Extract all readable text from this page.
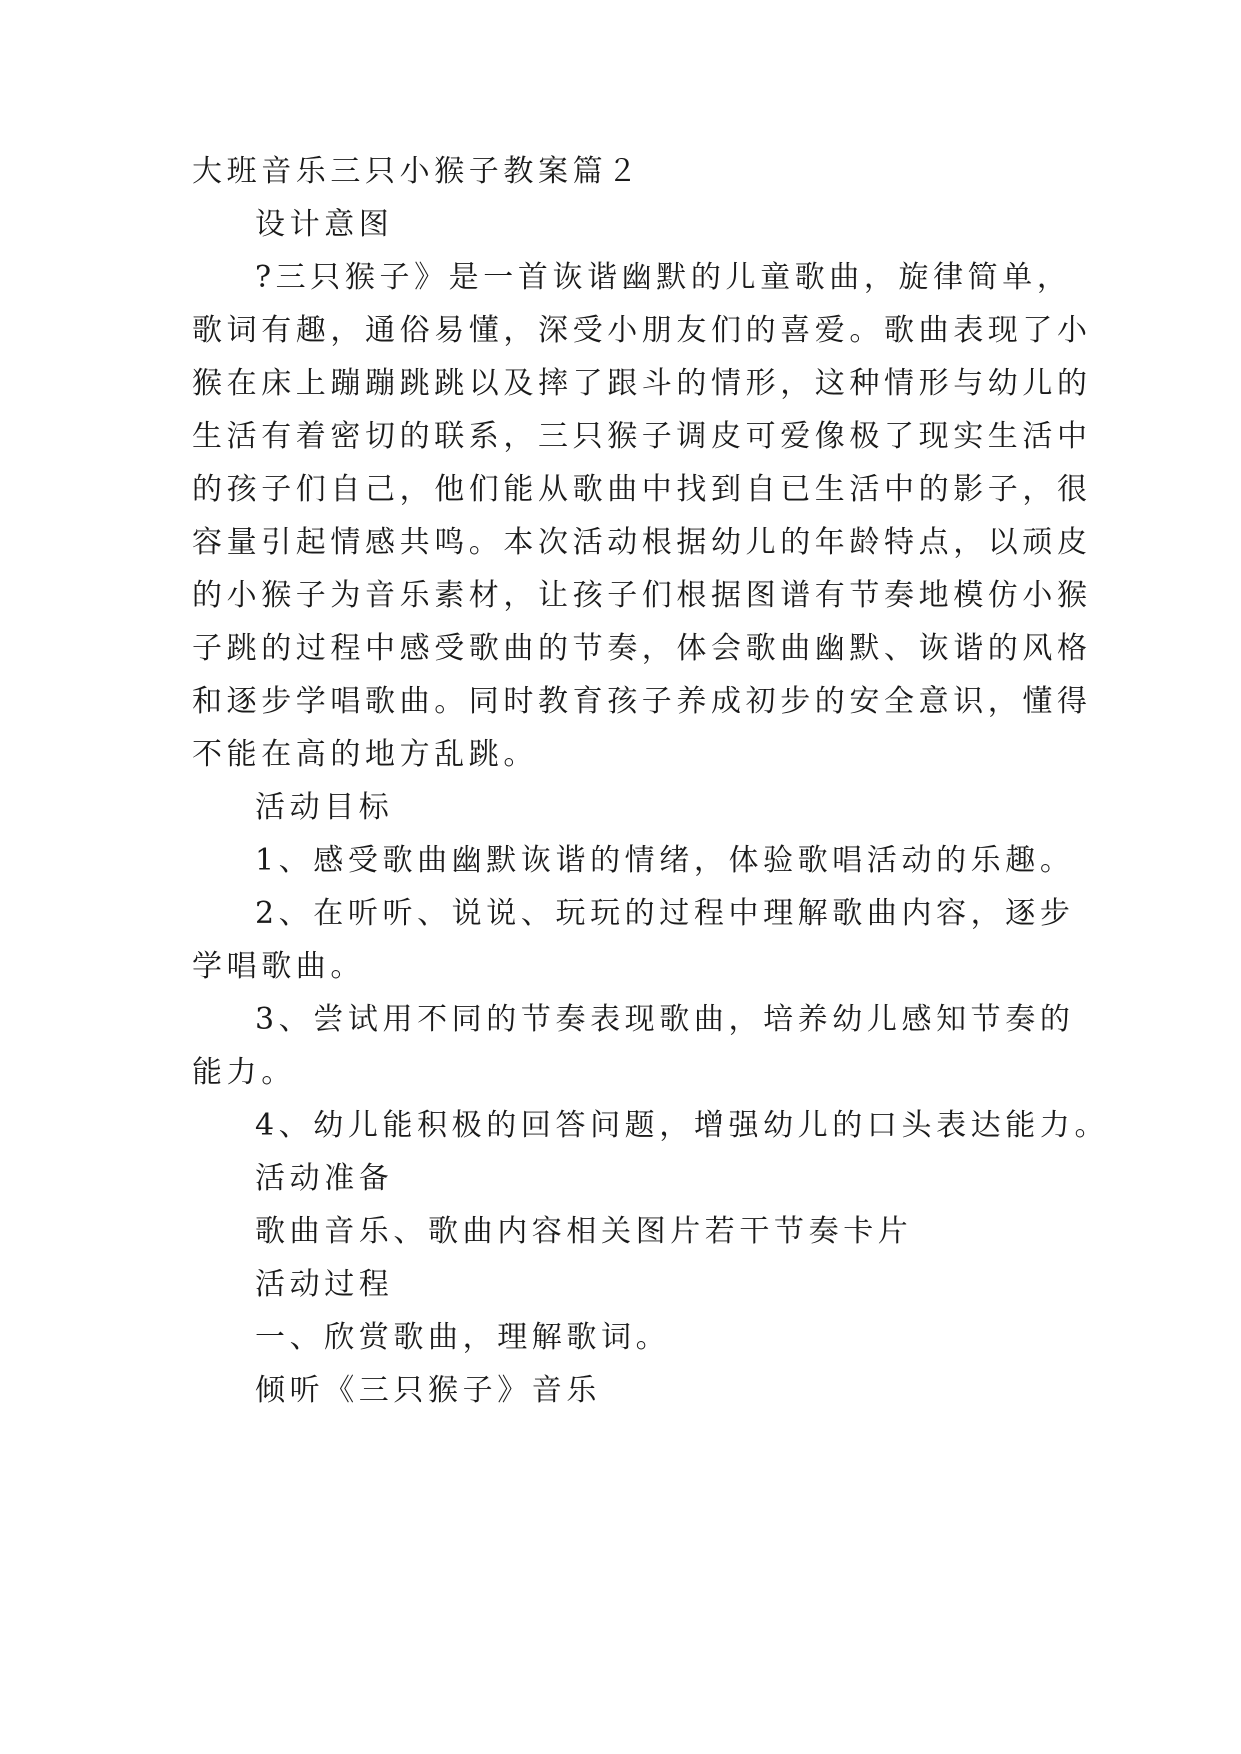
大班音乐三只小猴子教案篇２
设计意图
?三只猴子》是一首诙谐幽默的儿童歌曲，旋律简单，
歌词有趣，通俗易懂，深受小朋友们的喜爱。歌曲表现了小
猴在床上蹦蹦跳跳以及摔了跟斗的情形，这种情形与幼儿的
生活有着密切的联系，三只猴子调皮可爱像极了现实生活中
的孩子们自己，他们能从歌曲中找到自已生活中的影子，很
容量引起情感共鸣。本次活动根据幼儿的年龄特点，以顽皮
的小猴子为音乐素材，让孩子们根据图谱有节奏地模仿小猴
子跳的过程中感受歌曲的节奏，体会歌曲幽默、诙谐的风格
和逐步学唱歌曲。同时教育孩子养成初步的安全意识，懂得
不能在高的地方乱跳。
活动目标
1、感受歌曲幽默诙谐的情绪，体验歌唱活动的乐趣。
2、在听听、说说、玩玩的过程中理解歌曲内容，逐步
学唱歌曲。
3、尝试用不同的节奏表现歌曲，培养幼儿感知节奏的
能力。
4、幼儿能积极的回答问题，增强幼儿的口头表达能力。
活动准备
歌曲音乐、歌曲内容相关图片若干节奏卡片
活动过程
一、欣赏歌曲，理解歌词。
倾听《三只猴子》音乐
